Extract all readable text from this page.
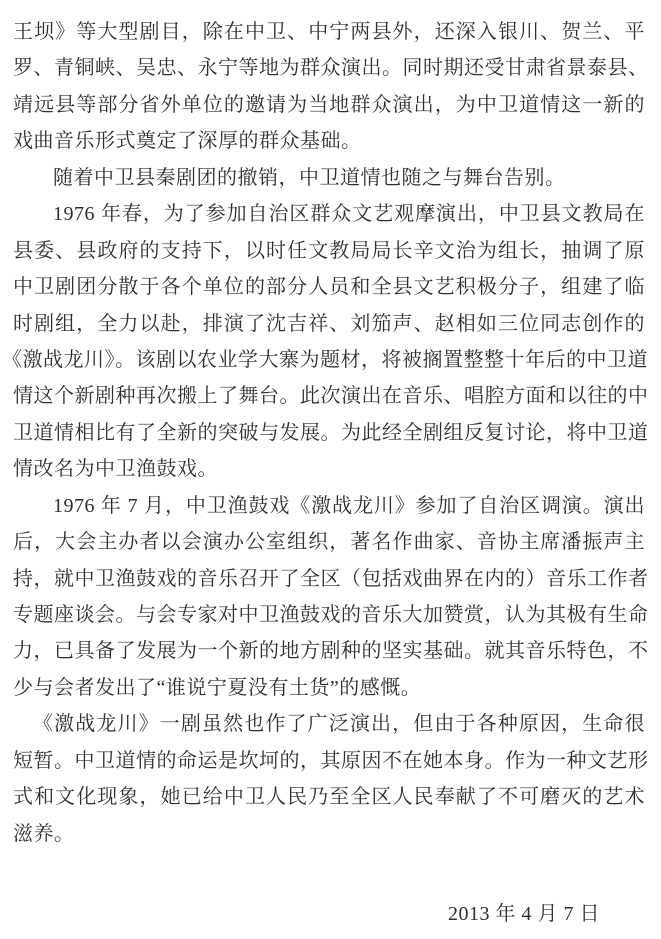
王坝》等大型剧目，除在中卫、中宁两县外，还深入银川、贺兰、平
罗、青铜峡、吴忠、永宁等地为群众演出。同时期还受甘肃省景泰县、
靖远县等部分省外单位的邀请为当地群众演出，为中卫道情这一新的
戏曲音乐形式奠定了深厚的群众基础。
随着中卫县秦剧团的撤销，中卫道情也随之与舞台告别。
1976 年春，为了参加自治区群众文艺观摩演出，中卫县文教局在
县委、县政府的支持下，以时任文教局局长辛文治为组长，抽调了原
中卫剧团分散于各个单位的部分人员和全县文艺积极分子，组建了临
时剧组，全力以赴，排演了沈吉祥、刘笳声、赵相如三位同志创作的
《激战龙川》。该剧以农业学大寨为题材，将被搁置整整十年后的中卫道
情这个新剧种再次搬上了舞台。此次演出在音乐、唱腔方面和以往的中
卫道情相比有了全新的突破与发展。为此经全剧组反复讨论，将中卫道
情改名为中卫渔鼓戏。
1976 年 7 月，中卫渔鼓戏《激战龙川》参加了自治区调演。演出
后，大会主办者以会演办公室组织，著名作曲家、音协主席潘振声主
持，就中卫渔鼓戏的音乐召开了全区（包括戏曲界在内的）音乐工作者
专题座谈会。与会专家对中卫渔鼓戏的音乐大加赞赏，认为其极有生命
力，已具备了发展为一个新的地方剧种的坚实基础。就其音乐特色，不
少与会者发出了“谁说宁夏没有土货”的感慨。
《激战龙川》一剧虽然也作了广泛演出，但由于各种原因，生命很
短暂。中卫道情的命运是坎坷的，其原因不在她本身。作为一种文艺形
式和文化现象，她已给中卫人民乃至全区人民奉献了不可磨灭的艺术
滋养。
2013 年 4 月 7 日
